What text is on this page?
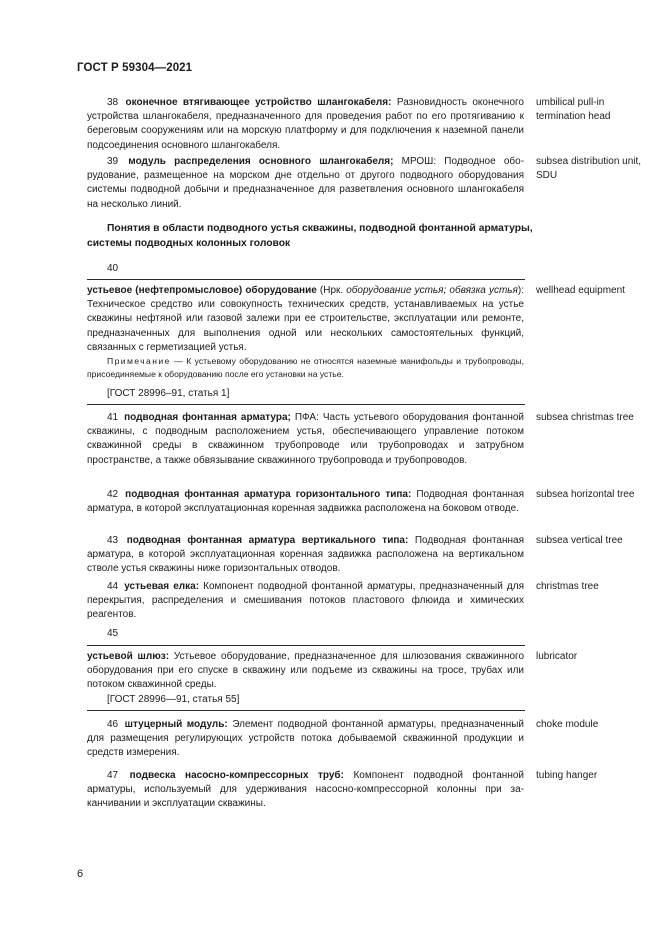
ГОСТ Р 59304—2021
38 оконечное втягивающее устройство шлангокабеля: Разновидность оконечного устройства шлангокабеля, предназначенного для проведения работ по его протягиванию к береговым сооружениям или на морскую платформу и для подключения к наземной панели подсоединения основного шлангокабеля.
umbilical pull-in termination head
39 модуль распределения основного шлангокабеля; МРОШ: Подводное оборудование, размещенное на морском дне отдельно от другого подводного оборудования системы подводной добычи и предназначенное для разветвления основного шлангокабеля на несколько линий.
subsea distribution unit, SDU
Понятия в области подводного устья скважины, подводной фонтанной арматуры, системы подводных колонных головок
40
устьевое (нефтепромысловое) оборудование (Нрк. оборудование устья; обвязка устья): Техническое средство или совокупность технических средств, устанавливаемых на устье скважины нефтяной или газовой залежи при ее строительстве, эксплуатации или ремонте, предназначенных для выполнения одной или нескольких самостоятельных функций, связанных с герметизацией устья.
wellhead equipment
Примечание — К устьевому оборудованию не относятся наземные манифольды и трубопроводы, присоединяемые к оборудованию после его установки на устье.
[ГОСТ 28996–91, статья 1]
41 подводная фонтанная арматура; ПФА: Часть устьевого оборудования фонтанной скважины, с подводным расположением устья, обеспечивающего управление потоком скважинной среды в скважинном трубопроводе или трубопроводах и затрубном пространстве, а также обвязывание скважинного трубопровода и трубопроводов.
subsea christmas tree
42 подводная фонтанная арматура горизонтального типа: Подводная фонтанная арматура, в которой эксплуатационная коренная задвижка расположена на боковом отводе.
subsea horizontal tree
43 подводная фонтанная арматура вертикального типа: Подводная фонтанная арматура, в которой эксплуатационная коренная задвижка расположена на вертикальном стволе устья скважины ниже горизонтальных отводов.
subsea vertical tree
44 устьевая елка: Компонент подводной фонтанной арматуры, предназначенный для перекрытия, распределения и смешивания потоков пластового флюида и химических реагентов.
christmas tree
45
устьевой шлюз: Устьевое оборудование, предназначенное для шлюзования скважинного оборудования при его спуске в скважину или подъеме из скважины на тросе, трубах или потоком скважинной среды.
lubricator
[ГОСТ 28996—91, статья 55]
46 штуцерный модуль: Элемент подводной фонтанной арматуры, предназначенный для размещения регулирующих устройств потока добываемой скважинной продукции и средств измерения.
choke module
47 подвеска насосно-компрессорных труб: Компонент подводной фонтанной арматуры, используемый для удерживания насосно-компрессорной колонны при заканчивании и эксплуатации скважины.
tubing hanger
6
